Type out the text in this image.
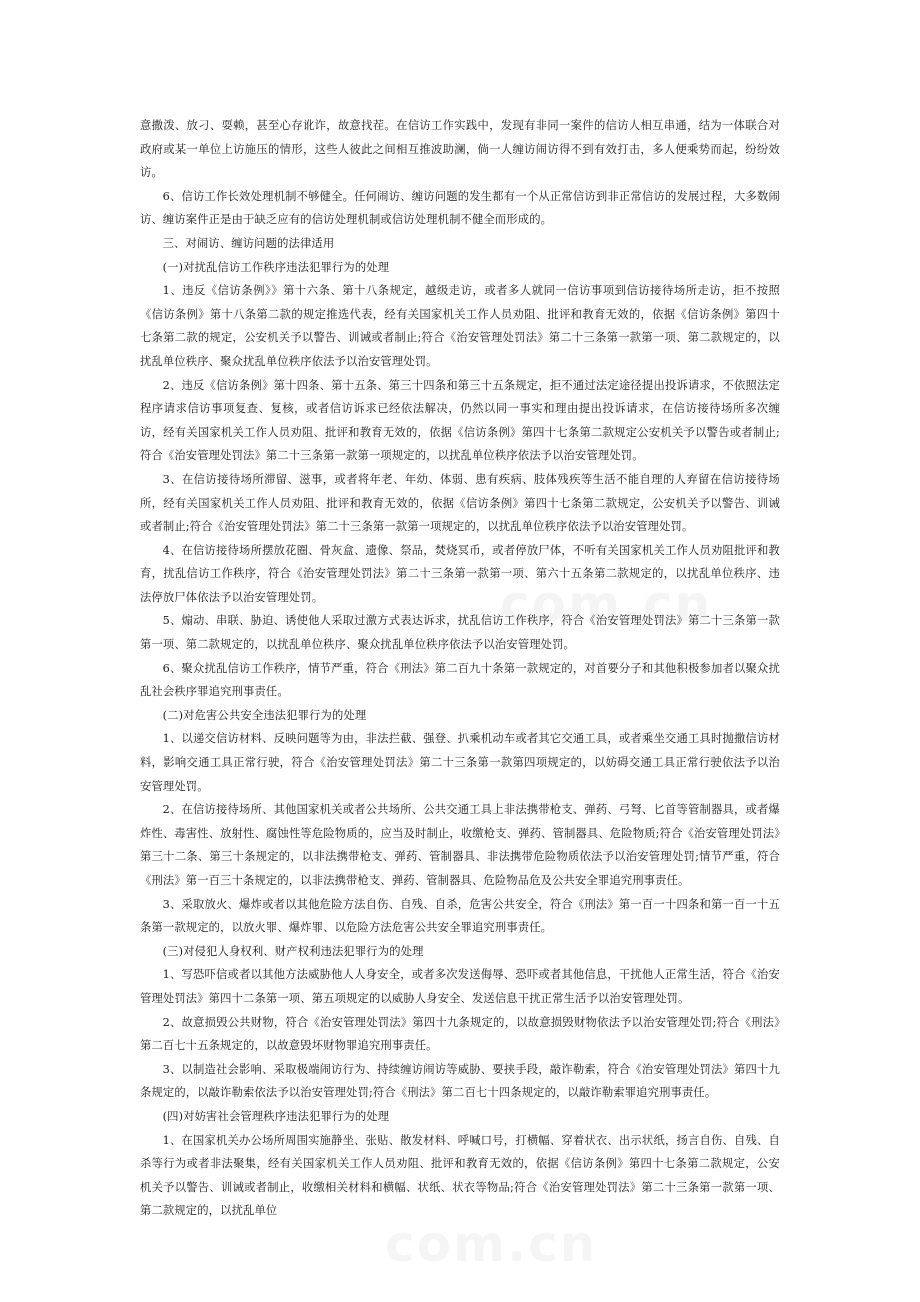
意撒泼、放刁、耍赖，甚至心存讹诈，故意找茬。在信访工作实践中，发现有非同一案件的信访人相互串通，结为一体联合对政府或某一单位上访施压的情形，这些人彼此之间相互推波助澜，倘一人缠访闹访得不到有效打击，多人便乘势而起，纷纷效访。

6、信访工作长效处理机制不够健全。任何闹访、缠访问题的发生都有一个从正常信访到非正常信访的发展过程，大多数闹访、缠访案件正是由于缺乏应有的信访处理机制或信访处理机制不健全而形成的。

三、对闹访、缠访问题的法律适用

(一)对扰乱信访工作秩序违法犯罪行为的处理

1、违反《信访条例》》第十六条、第十八条规定，越级走访，或者多人就同一信访事项到信访接待场所走访，拒不按照《信访条例》第十八条第二款的规定推选代表，经有关国家机关工作人员劝阻、批评和教育无效的，依据《信访条例》第四十七条第二款的规定，公安机关予以警告、训诫或者制止;符合《治安管理处罚法》第二十三条第一款第一项、第二款规定的，以扰乱单位秩序、聚众扰乱单位秩序依法予以治安管理处罚。

2、违反《信访条例》第十四条、第十五条、第三十四条和第三十五条规定，拒不通过法定途径提出投诉请求，不依照法定程序请求信访事项复查、复核，或者信访诉求已经依法解决，仍然以同一事实和理由提出投诉请求，在信访接待场所多次缠访，经有关国家机关工作人员劝阻、批评和教育无效的，依据《信访条例》第四十七条第二款规定公安机关予以警告或者制止;符合《治安管理处罚法》第二十三条第一款第一项规定的，以扰乱单位秩序依法予以治安管理处罚。

3、在信访接待场所滞留、滋事，或者将年老、年幼、体弱、患有疾病、肢体残疾等生活不能自理的人弃留在信访接待场所，经有关国家机关工作人员劝阻、批评和教育无效的，依据《信访条例》第四十七条第二款规定，公安机关予以警告、训诫或者制止;符合《治安管理处罚法》第二十三条第一款第一项规定的，以扰乱单位秩序依法予以治安管理处罚。

4、在信访接待场所摆放花圈、骨灰盒、遗像、祭品，焚烧冥币，或者停放尸体，不听有关国家机关工作人员劝阻批评和教育，扰乱信访工作秩序，符合《治安管理处罚法》第二十三条第一款第一项、第六十五条第二款规定的，以扰乱单位秩序、违法停放尸体依法予以治安管理处罚。

5、煽动、串联、胁迫、诱使他人采取过激方式表达诉求，扰乱信访工作秩序，符合《治安管理处罚法》第二十三条第一款第一项、第二款规定的，以扰乱单位秩序、聚众扰乱单位秩序依法予以治安管理处罚。

6、聚众扰乱信访工作秩序，情节严重，符合《刑法》第二百九十条第一款规定的，对首要分子和其他积极参加者以聚众扰乱社会秩序罪追究刑事责任。

(二)对危害公共安全违法犯罪行为的处理

1、以递交信访材料、反映问题等为由，非法拦截、强登、扒乘机动车或者其它交通工具，或者乘坐交通工具时抛撒信访材料，影响交通工具正常行驶，符合《治安管理处罚法》第二十三条第一款第四项规定的，以妨碍交通工具正常行驶依法予以治安管理处罚。

2、在信访接待场所、其他国家机关或者公共场所、公共交通工具上非法携带枪支、弹药、弓弩、匕首等管制器具，或者爆炸性、毒害性、放射性、腐蚀性等危险物质的，应当及时制止，收缴枪支、弹药、管制器具、危险物质;符合《治安管理处罚法》第三十二条、第三十条规定的，以非法携带枪支、弹药、管制器具、非法携带危险物质依法予以治安管理处罚;情节严重，符合《刑法》第一百三十条规定的，以非法携带枪支、弹药、管制器具、危险物品危及公共安全罪追究刑事责任。

3、采取放火、爆炸或者以其他危险方法自伤、自残、自杀，危害公共安全，符合《刑法》第一百一十四条和第一百一十五条第一款规定的，以放火罪、爆炸罪、以危险方法危害公共安全罪追究刑事责任。

(三)对侵犯人身权利、财产权利违法犯罪行为的处理

1、写恐吓信或者以其他方法威胁他人人身安全，或者多次发送侮辱、恐吓或者其他信息，干扰他人正常生活，符合《治安管理处罚法》第四十二条第一项、第五项规定的以威胁人身安全、发送信息干扰正常生活予以治安管理处罚。

2、故意损毁公共财物，符合《治安管理处罚法》第四十九条规定的，以故意损毁财物依法予以治安管理处罚;符合《刑法》第二百七十五条规定的，以故意毁坏财物罪追究刑事责任。

3、以制造社会影响、采取极端闹访行为、持续缠访闹访等威胁、要挟手段，敲诈勒索，符合《治安管理处罚法》第四十九条规定的，以敲诈勒索依法予以治安管理处罚;符合《刑法》第二百七十四条规定的，以敲诈勒索罪追究刑事责任。

(四)对妨害社会管理秩序违法犯罪行为的处理

1、在国家机关办公场所周围实施静坐、张贴、散发材料、呼喊口号，打横幅、穿着状衣、出示状纸，扬言自伤、自残、自杀等行为或者非法聚集，经有关国家机关工作人员劝阻、批评和教育无效的，依据《信访条例》第四十七条第二款规定，公安机关予以警告、训诫或者制止，收缴相关材料和横幅、状纸、状衣等物品;符合《治安管理处罚法》第二十三条第一款第一项、第二款规定的，以扰乱单位
